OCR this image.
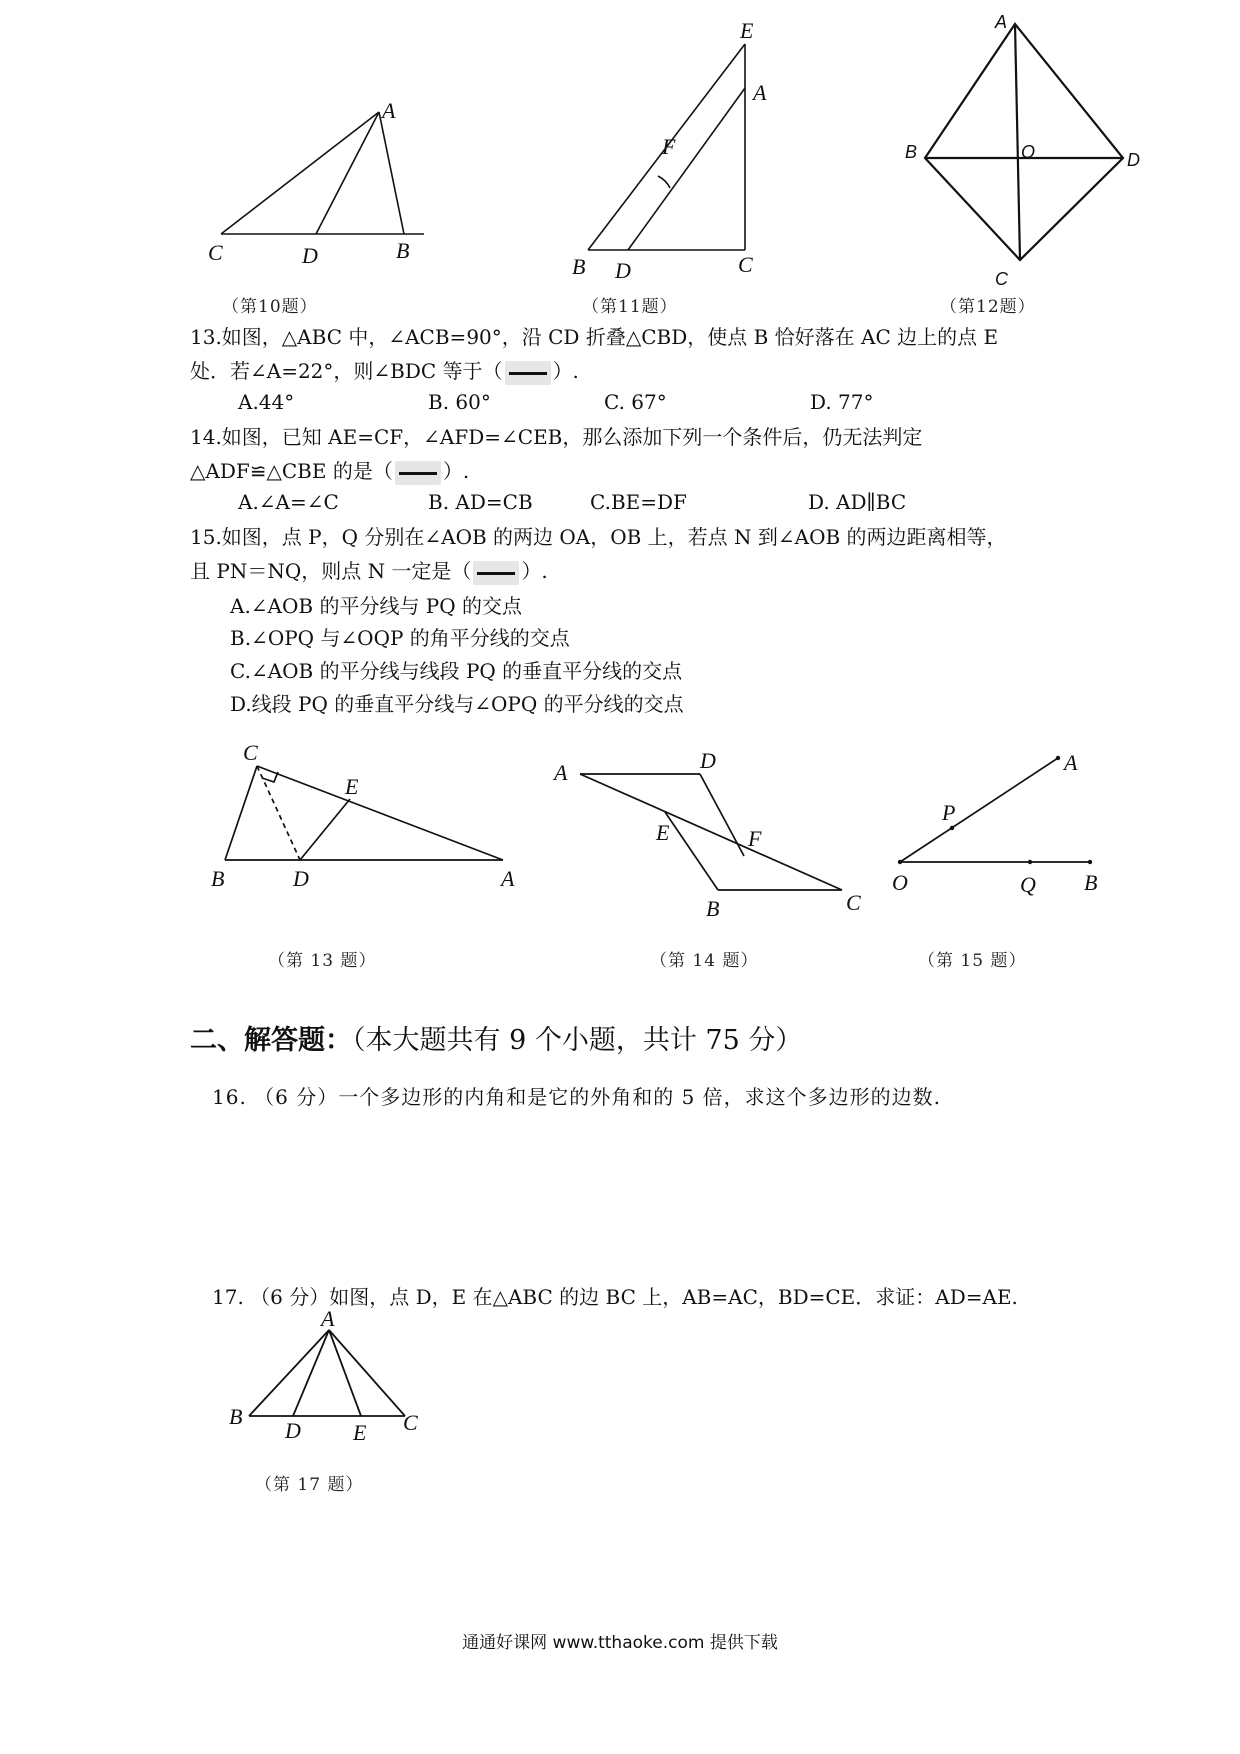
A
C	D	B
（第10题）
E
A
F
B D	C
（第11题）
A
B	O	D
C
（第12题）
13.如图，△ABC 中，∠ACB=90°，沿 CD 折叠△CBD，使点 B 恰好落在 AC 边上的点 E
处．若∠A=22°，则∠BDC 等于（	）.
A.44°	B. 60°	C. 67°	D. 77°
14.如图，已知 AE=CF，∠AFD=∠CEB，那么添加下列一个条件后，仍无法判定
△ADF≌△CBE 的是（	）.
A.∠A=∠C	B. AD=CB	C.BE=DF	D. AD∥BC
15.如图，点 P，Q 分别在∠AOB 的两边 OA，OB 上，若点 N 到∠AOB 的两边距离相等，
且 PN＝NQ，则点 N 一定是（	）.
A.∠AOB 的平分线与 PQ 的交点
B.∠OPQ 与∠OQP 的角平分线的交点
C.∠AOB 的平分线与线段 PQ 的垂直平分线的交点
D.线段 PQ 的垂直平分线与∠OPQ 的平分线的交点
C
E
B	D	A
（第 13 题）
A	D
E	F
B	C
（第 14 题）
A
P
O	Q B
（第 15 题）
二、解答题：（本大题共有 9 个小题，共计 75 分）
16. （6 分）一个多边形的内角和是它的外角和的 5 倍，求这个多边形的边数.
17. （6 分）如图，点 D，E 在△ABC 的边 BC 上，AB=AC，BD=CE．求证：AD=AE.
A
B
D E C
（第 17 题）
通通好课网 www.tthaoke.com 提供下载
